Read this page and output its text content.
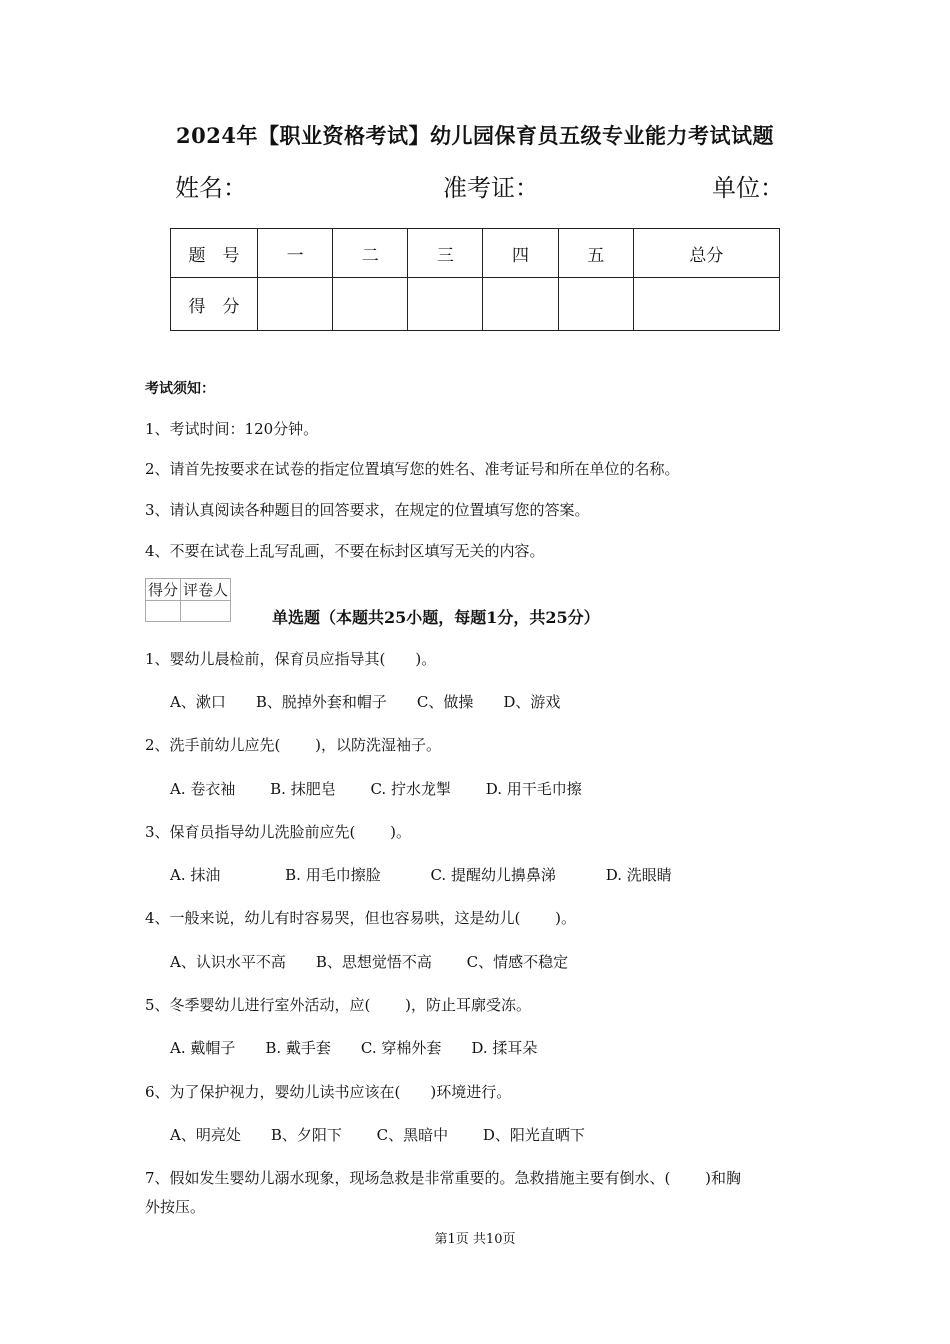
2024年【职业资格考试】幼儿园保育员五级专业能力考试试题
姓名：	准考证：	单位：
题　号	一	二	三	四	五	总分
得　分						
考试须知：
1、考试时间：120分钟。
2、请首先按要求在试卷的指定位置填写您的姓名、准考证号和所在单位的名称。
3、请认真阅读各种题目的回答要求，在规定的位置填写您的答案。
4、不要在试卷上乱写乱画，不要在标封区填写无关的内容。
得分	评卷人

单选题（本题共25小题，每题1分，共25分）
1、婴幼儿晨检前，保育员应指导其(　　)。
A、漱口　　B、脱掉外套和帽子　　C、做操　　D、游戏
2、洗手前幼儿应先(　　 )，以防洗湿袖子。
A. 卷衣袖　　 B. 抹肥皂　　 C. 拧水龙掣　　 D. 用干毛巾擦
3、保育员指导幼儿洗脸前应先(　　 )。
A. 抹油　　　　 B. 用毛巾擦脸　　　 C. 提醒幼儿擤鼻涕　　　 D. 洗眼睛
4、一般来说，幼儿有时容易哭，但也容易哄，这是幼儿(　　 )。
A、认识水平不高　　B、思想觉悟不高　　 C、情感不稳定
5、冬季婴幼儿进行室外活动，应(　　 )，防止耳廓受冻。
A. 戴帽子　　B. 戴手套　　C. 穿棉外套　　D. 揉耳朵
6、为了保护视力，婴幼儿读书应该在(　　)环境进行。
A、明亮处　　B、夕阳下　　 C、黑暗中　　 D、阳光直晒下
7、假如发生婴幼儿溺水现象，现场急救是非常重要的。急救措施主要有倒水、(　　 )和胸
外按压。
第1页 共10页
